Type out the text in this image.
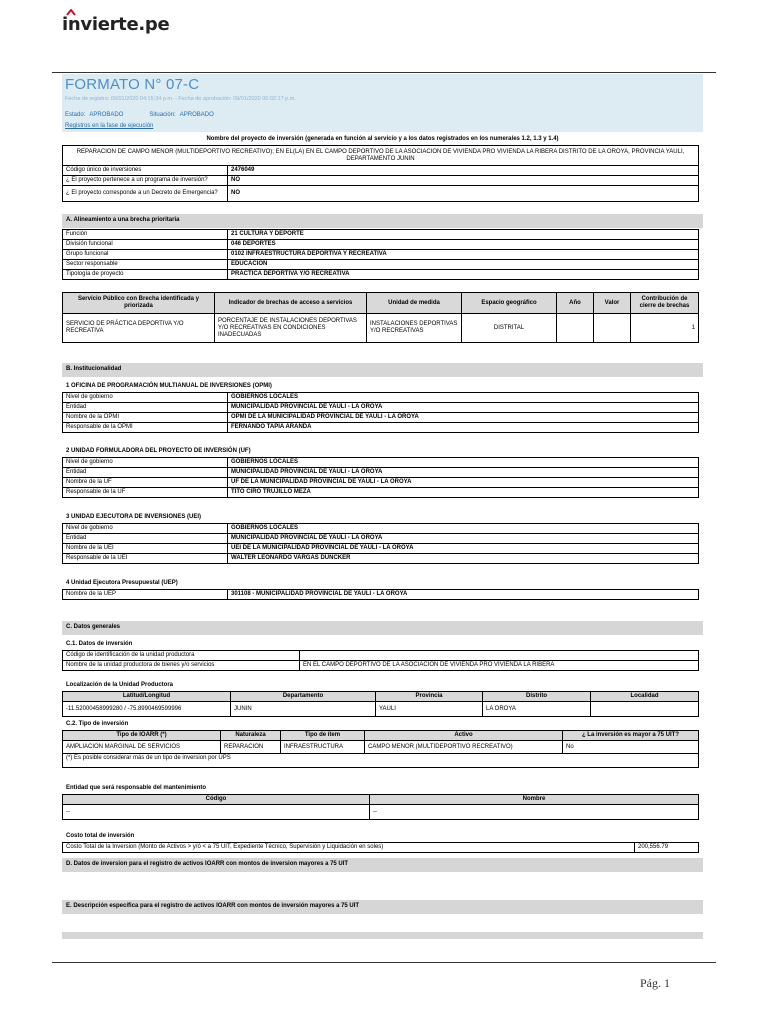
invierte.pe
FORMATO N° 07-C
Fecha de registro: 09/01/2020 04:15:34 p.m. - Fecha de aprobación: 09/01/2020 06:02:17 p.m.
Estado: APROBADO	Situación: APROBADO
Registros en la fase de ejecución
Nombre del proyecto de inversión (generada en función al servicio y a los datos registrados en los numerales 1.2, 1.3 y 1.4)
REPARACION DE CAMPO MENOR (MULTIDEPORTIVO RECREATIVO); EN EL(LA) EN EL CAMPO DEPORTIVO DE LA ASOCIACION DE VIVIENDA PRO VIVIENDA LA RIBERA DISTRITO DE LA OROYA, PROVINCIA YAULI, DEPARTAMENTO JUNIN	
Código único de inversiones	2476049
¿ El proyecto pertenece a un programa de inversión?	NO
¿ El proyecto corresponde a un Decreto de Emergencia?	NO
A. Alineamiento a una brecha prioritaria
Función	21 CULTURA Y DEPORTE
División funcional	046 DEPORTES
Grupo funcional	0102 INFRAESTRUCTURA DEPORTIVA Y RECREATIVA
Sector responsable	EDUCACION
Tipología de proyecto	PRÁCTICA DEPORTIVA Y/O RECREATIVA
Servicio Público con Brecha identificada y priorizada	Indicador de brechas de acceso a servicios	Unidad de medida	Espacio geográfico	Año	Valor	Contribución de cierre de brechas
SERVICIO DE PRÁCTICA DEPORTIVA Y/O RECREATIVA	PORCENTAJE DE INSTALACIONES DEPORTIVAS Y/O RECREATIVAS EN CONDICIONES INADECUADAS	INSTALACIONES DEPORTIVAS Y/O RECREATIVAS	DISTRITAL			1
B. Institucionalidad
1 OFICINA DE PROGRAMACIÓN MULTIANUAL DE INVERSIONES (OPMI)
Nivel de gobierno	GOBIERNOS LOCALES
Entidad	MUNICIPALIDAD PROVINCIAL DE YAULI - LA OROYA
Nombre de la OPMI	OPMI DE LA MUNICIPALIDAD PROVINCIAL DE YAULI - LA OROYA
Responsable de la OPMI	FERNANDO TAPIA ARANDA
2 UNIDAD FORMULADORA DEL PROYECTO DE INVERSIÓN (UF)
Nivel de gobierno	GOBIERNOS LOCALES
Entidad	MUNICIPALIDAD PROVINCIAL DE YAULI - LA OROYA
Nombre de la UF	UF DE LA MUNICIPALIDAD PROVINCIAL DE YAULI - LA OROYA
Responsable de la UF	TITO CIRO TRUJILLO MEZA
3 UNIDAD EJECUTORA DE INVERSIONES (UEI)
Nivel de gobierno	GOBIERNOS LOCALES
Entidad	MUNICIPALIDAD PROVINCIAL DE YAULI - LA OROYA
Nombre de la UEI	UEI DE LA MUNICIPALIDAD PROVINCIAL DE YAULI - LA OROYA
Responsable de la UEI	WALTER LEONARDO VARGAS DUNCKER
4 Unidad Ejecutora Presupuestal (UEP)
Nombre de la UEP	301108 - MUNICIPALIDAD PROVINCIAL DE YAULI - LA OROYA
C. Datos generales
C.1. Datos de inversión
Código de identificación de la unidad productora	
Nombre de la unidad productora de bienes y/o servicios	EN EL CAMPO DEPORTIVO DE LA ASOCIACION DE VIVIENDA PRO VIVIENDA LA RIBERA
Localización de la Unidad Productora
Latitud/Longitud	Departamento	Provincia	Distrito	Localidad
-11.52000458999280 / -75.8990469599996	JUNIN	YAULI	LA OROYA	
C.2. Tipo de inversión
Tipo de IOARR (*)	Naturaleza	Tipo de ítem	Activo	¿ La inversión es mayor a 75 UIT?
AMPLIACION MARGINAL DE SERVICIOS	REPARACION	INFRAESTRUCTURA	CAMPO MENOR (MULTIDEPORTIVO RECREATIVO)	No
(*) Es posible considerar más de un tipo de inversion por UPS				
Entidad que será responsable del mantenimiento
Código	Nombre
--	--
Costo total de inversión
Costo Total de la Inversion (Monto de Activos > y/ó < a 75 UIT, Expediente Técnico, Supervisión y Liquidación en soles)	200,556.79
D. Datos de inversion para el registro de activos IOARR con montos de inversion mayores a 75 UIT
E. Descripción específica para el registro de activos IOARR con montos de inversión mayores a 75 UIT
Pág. 1
